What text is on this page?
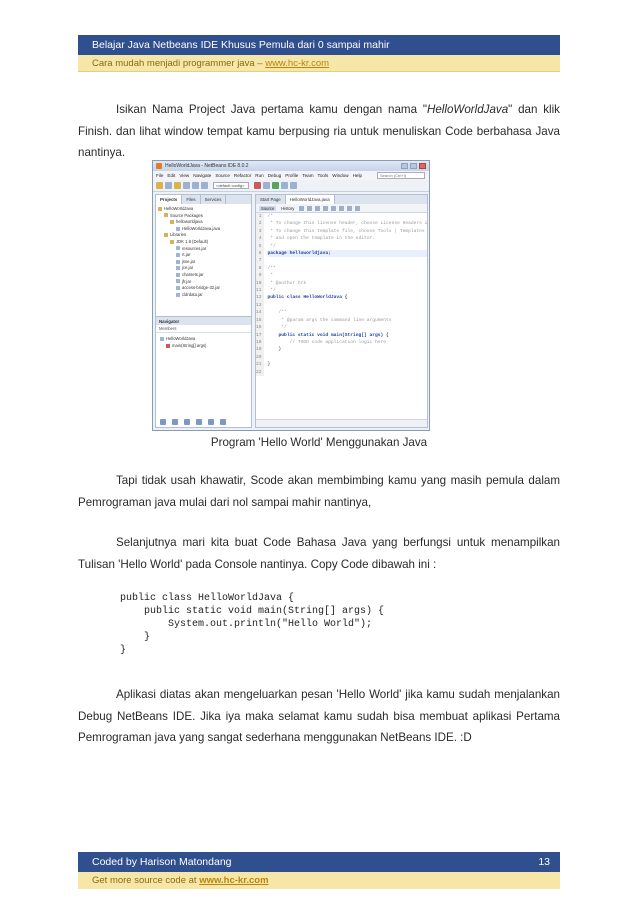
Belajar Java Netbeans IDE Khusus Pemula dari 0 sampai mahir
Cara mudah menjadi programmer java – www.hc-kr.com

Isikan Nama Project Java pertama kamu dengan nama "HelloWorldJava" dan klik Finish. dan lihat window tempat kamu berpusing ria untuk menuliskan Code berbahasa Java nantinya.

HelloWorldJava - NetBeans IDE 8.0.2
File Edit View Navigate Source Refactor Run Debug Profile Team Tools Window Help	Search (Ctrl+I)
<default config>
Projects	Files	Services
HelloWorldJava
Source Packages
helloworldjava
HelloWorldJava.java
Libraries
JDK 1.8 (Default)
resources.jar
rt.jar
jsse.jar
jce.jar
charsets.jar
jfr.jar
access-bridge-32.jar
cldrdata.jar
Navigator
Members
HelloWorldJava
main(String[] args)
Start Page	HelloWorldJava.java
Source	History
1
2
3
4
5
6
7
8
9
10
11
12
13
14
15
16
17
18
19
20
21
22
/*
* To change this license header, choose License Headers i
* To change this template file, choose Tools | Templates
* and open the template in the editor.
*/
package helloworldjava;

/**
*
* @author hrk
*/
public class HelloWorldJava {

/**
* @param args the command line arguments
*/
public static void main(String[] args) {
// TODO code application logic here
}

}

Program 'Hello World' Menggunakan Java

Tapi tidak usah khawatir, Scode akan membimbing kamu yang masih pemula dalam Pemrograman java mulai dari nol sampai mahir nantinya,

Selanjutnya mari kita buat Code Bahasa Java yang berfungsi untuk menampilkan Tulisan 'Hello World' pada Console nantinya. Copy Code dibawah ini :

public class HelloWorldJava {
public static void main(String[] args) {
System.out.println("Hello World");
}
}

Aplikasi diatas akan mengeluarkan pesan 'Hello World' jika kamu sudah menjalankan Debug NetBeans IDE. Jika iya maka selamat kamu sudah bisa membuat aplikasi Pertama Pemrograman java yang sangat sederhana menggunakan NetBeans IDE. :D

Coded by Harison Matondang	13
Get more source code at www.hc-kr.com
